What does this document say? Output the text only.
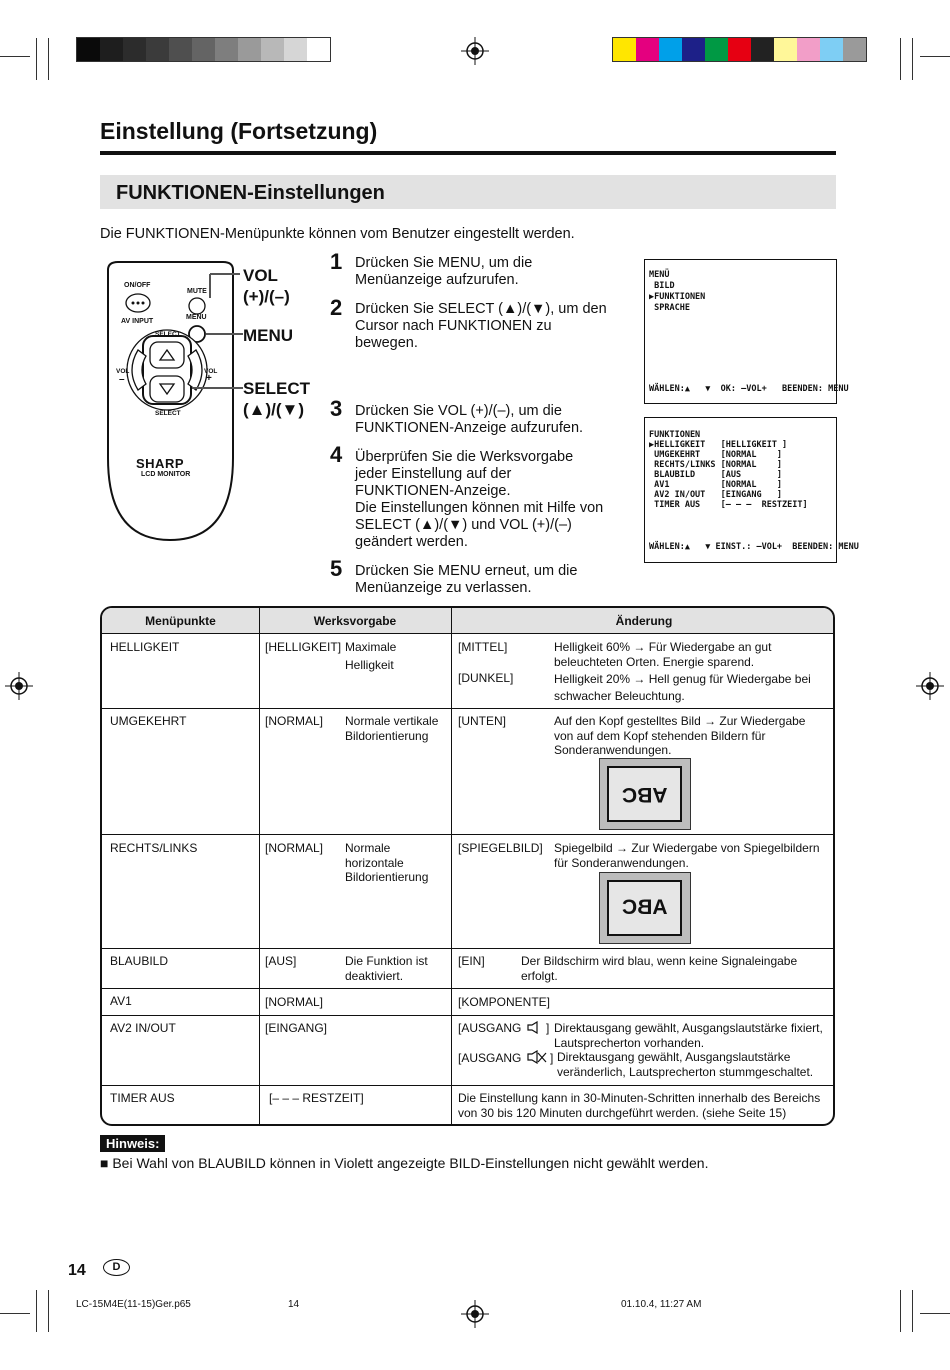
Einstellung (Fortsetzung)
FUNKTIONEN-Einstellungen
Die FUNKTIONEN-Menüpunkte können vom Benutzer eingestellt werden.
ON/OFF
MUTE
AV INPUT
MENU
SELECT
SELECT
VOL
–
VOL
+
SHARP
LCD MONITOR
VOL
(+)/(–)
MENU
SELECT
(▲)/(▼)
1 Drücken Sie MENU, um die
Menüanzeige aufzurufen.
2 Drücken Sie SELECT (▲)/(▼), um den
Cursor nach FUNKTIONEN zu
bewegen.
3 Drücken Sie VOL (+)/(–), um die
FUNKTIONEN-Anzeige aufzurufen.
4 Überprüfen Sie die Werksvorgabe
jeder Einstellung auf der
FUNKTIONEN-Anzeige.
Die Einstellungen können mit Hilfe von
SELECT (▲)/(▼) und VOL (+)/(–)
geändert werden.
5 Drücken Sie MENU erneut, um die
Menüanzeige zu verlassen.
MENÜ
BILD
▶FUNKTIONEN
SPRACHE
WÄHLEN:▲   ▼  OK: –VOL+   BEENDEN: MENU
FUNKTIONEN
▶HELLIGKEIT   [HELLIGKEIT ]
UMGEKEHRT    [NORMAL    ]
RECHTS/LINKS [NORMAL    ]
BLAUBILD     [AUS       ]
AV1          [NORMAL    ]
AV2 IN/OUT   [EINGANG   ]
TIMER AUS    [– – –  RESTZEIT]
WÄHLEN:▲   ▼ EINST.: –VOL+  BEENDEN: MENU
Menüpunkte	Werksvorgabe	Änderung
HELLIGKEIT	[HELLIGKEIT] Maximale
Helligkeit
[MITTEL]	Helligkeit 60% → Für Wiedergabe an gut
beleuchteten Orten. Energie sparend.
[DUNKEL]	Helligkeit 20% → Hell genug für Wiedergabe bei
schwacher Beleuchtung.
UMGEKEHRT	[NORMAL] Normale vertikale
Bildorientierung
[UNTEN]	Auf den Kopf gestelltes Bild → Zur Wiedergabe
von auf dem Kopf stehenden Bildern für
Sonderanwendungen.
ABC
RECHTS/LINKS	[NORMAL] Normale
horizontale
Bildorientierung
[SPIEGELBILD] Spiegelbild → Zur Wiedergabe von Spiegelbildern
für Sonderanwendungen.
ABC
BLAUBILD	[AUS]	Die Funktion ist
deaktiviert.
[EIN]	Der Bildschirm wird blau, wenn keine Signaleingabe
erfolgt.
AV1	[NORMAL]	[KOMPONENTE]
AV2 IN/OUT	[EINGANG]	[AUSGANG ] Direktausgang gewählt, Ausgangslautstärke fixiert,
Lautsprecherton vorhanden.
[AUSGANG ] Direktausgang gewählt, Ausgangslautstärke
veränderlich, Lautsprecherton stummgeschaltet.
TIMER AUS	[– – – RESTZEIT]	Die Einstellung kann in 30-Minuten-Schritten innerhalb des Bereichs
von 30 bis 120 Minuten durchgeführt werden. (siehe Seite 15)
Hinweis:
■ Bei Wahl von BLAUBILD können in Violett angezeigte BILD-Einstellungen nicht gewählt werden.
14	D
LC-15M4E(11-15)Ger.p65	14	01.10.4, 11:27 AM
